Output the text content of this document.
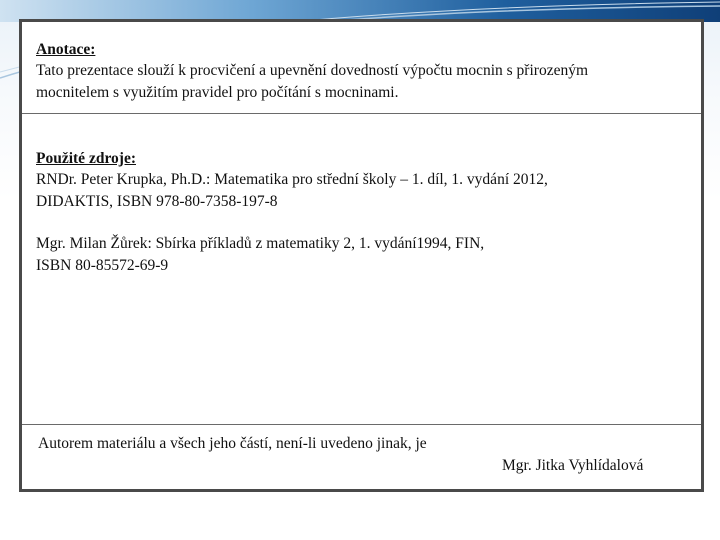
Anotace:
Tato prezentace slouží k procvičení a upevnění dovedností výpočtu mocnin s přirozeným
mocnitelem s využitím pravidel pro počítání s mocninami.
Použité zdroje:
RNDr. Peter Krupka, Ph.D.: Matematika pro střední školy – 1. díl, 1. vydání 2012,
DIDAKTIS, ISBN 978-80-7358-197-8
Mgr. Milan Žůrek: Sbírka příkladů z matematiky 2, 1. vydání1994, FIN,
ISBN 80-85572-69-9
Autorem materiálu a všech jeho částí, není-li uvedeno jinak, je
Mgr. Jitka Vyhlídalová
